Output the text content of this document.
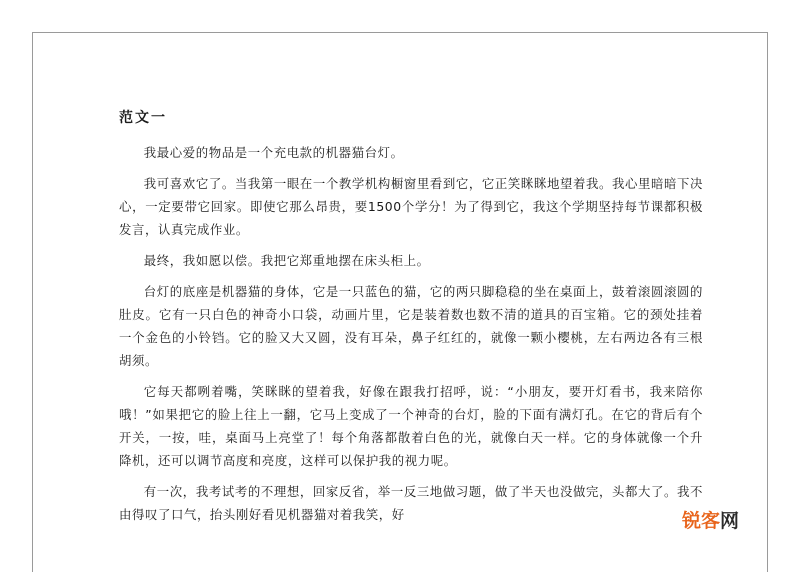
范文一

我最心爱的物品是一个充电款的机器猫台灯。

我可喜欢它了。当我第一眼在一个教学机构橱窗里看到它，它正笑眯眯地望着我。我心里暗暗下决心，一定要带它回家。即使它那么昂贵，要1500个学分！为了得到它，我这个学期坚持每节课都积极发言，认真完成作业。

最终，我如愿以偿。我把它郑重地摆在床头柜上。

台灯的底座是机器猫的身体，它是一只蓝色的猫，它的两只脚稳稳的坐在桌面上，鼓着滚圆滚圆的肚皮。它有一只白色的神奇小口袋，动画片里，它是装着数也数不清的道具的百宝箱。它的颈处挂着一个金色的小铃铛。它的脸又大又圆，没有耳朵，鼻子红红的，就像一颗小樱桃，左右两边各有三根胡须。

它每天都咧着嘴，笑眯眯的望着我，好像在跟我打招呼，说：“小朋友，要开灯看书，我来陪你哦！”如果把它的脸上往上一翻，它马上变成了一个神奇的台灯，脸的下面有满灯孔。在它的背后有个开关，一按，哇，桌面马上亮堂了！每个角落都散着白色的光，就像白天一样。它的身体就像一个升降机，还可以调节高度和亮度，这样可以保护我的视力呢。

有一次，我考试考的不理想，回家反省，举一反三地做习题，做了半天也没做完，头都大了。我不由得叹了口气，抬头刚好看见机器猫对着我笑，好	锐客 网
